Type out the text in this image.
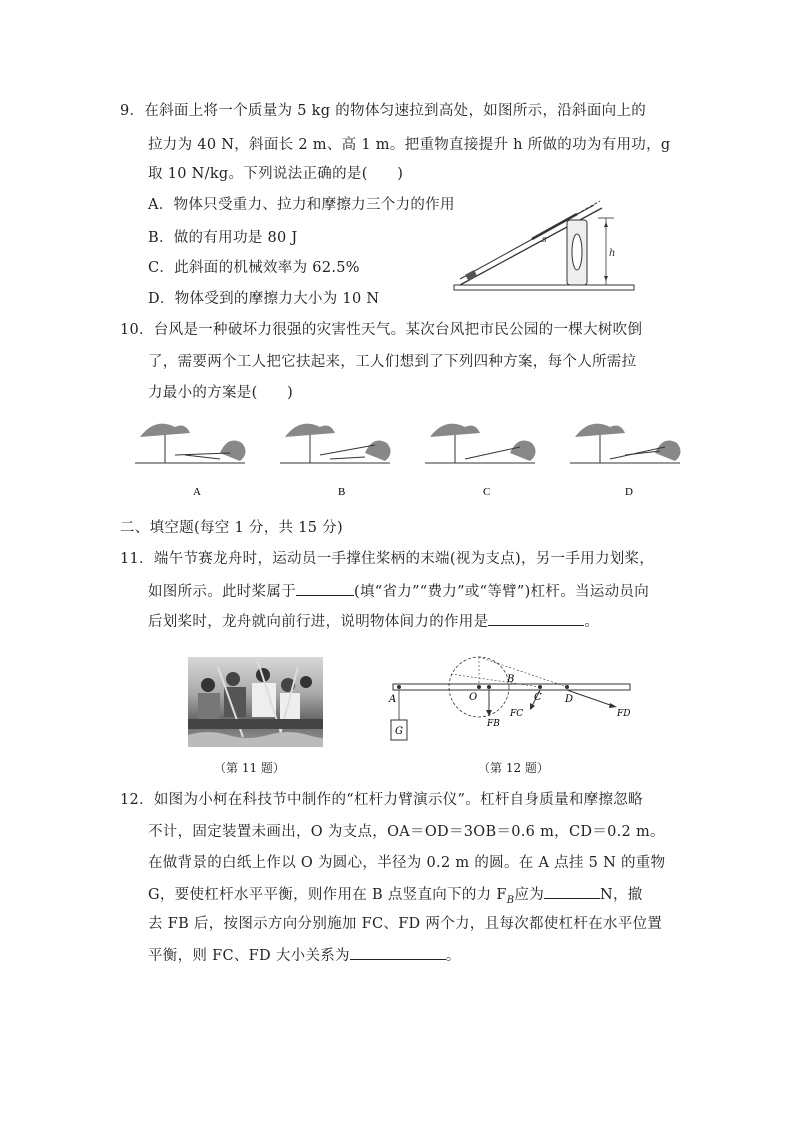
9．在斜面上将一个质量为 5 kg 的物体匀速拉到高处，如图所示，沿斜面向上的
拉力为 40 N，斜面长 2 m、高 1 m。把重物直接提升 h 所做的功为有用功，g
取 10 N/kg。下列说法正确的是(　　)
A．物体只受重力、拉力和摩擦力三个力的作用
B．做的有用功是 80 J
C．此斜面的机械效率为 62.5%
D．物体受到的摩擦力大小为 10 N
s
h
10．台风是一种破坏力很强的灾害性天气。某次台风把市民公园的一棵大树吹倒
了，需要两个工人把它扶起来，工人们想到了下列四种方案，每个人所需拉
力最小的方案是(　　)
A	B	C	D
二、填空题(每空 1 分，共 15 分)
11．端午节赛龙舟时，运动员一手撑住桨柄的末端(视为支点)，另一手用力划桨，
如图所示。此时桨属于	(填“省力”“费力”或“等臂”)杠杆。当运动员向
后划桨时，龙舟就向前行进，说明物体间力的作用是	。
（第 11 题）
A	O
B
C D
G
FC
FB
FD
（第 12 题）
12．如图为小柯在科技节中制作的“杠杆力臂演示仪”。杠杆自身质量和摩擦忽略
不计，固定装置未画出，O 为支点，OA＝OD＝3OB＝0.6 m，CD＝0.2 m。
在做背景的白纸上作以 O 为圆心，半径为 0.2 m 的圆。在 A 点挂 5 N 的重物
G，要使杠杆水平平衡，则作用在 B 点竖直向下的力 $F_B$应为	N，撤
去 FB 后，按图示方向分别施加 FC、FD 两个力，且每次都使杠杆在水平位置
平衡，则 FC、FD 大小关系为	。
